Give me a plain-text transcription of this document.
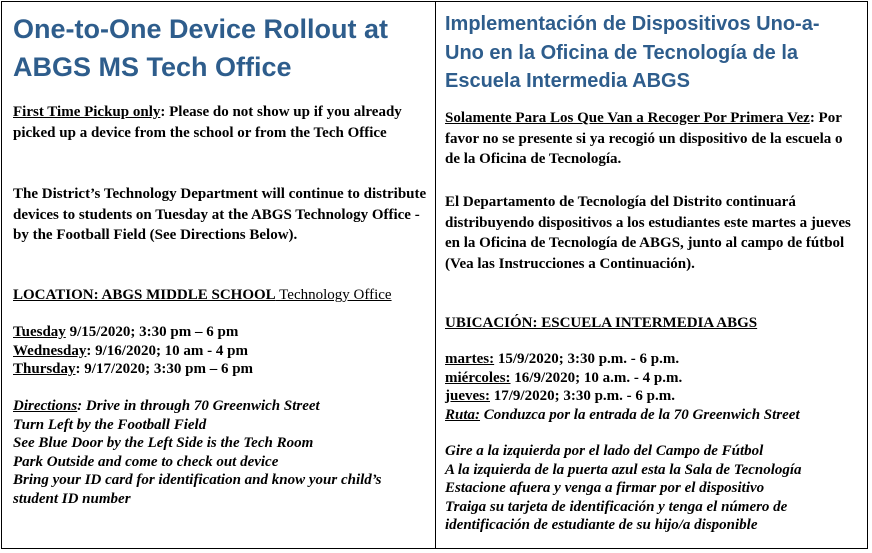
One-to-One Device Rollout at
ABGS MS Tech Office

First Time Pickup only: Please do not show up if you already picked up a device from the school or from the Tech Office

The District’s Technology Department will continue to distribute devices to students on Tuesday at the ABGS Technology Office - by the Football Field (See Directions Below).

LOCATION: ABGS MIDDLE SCHOOL Technology Office

Tuesday 9/15/2020; 3:30 pm – 6 pm
Wednesday: 9/16/2020; 10 am - 4 pm
Thursday: 9/17/2020; 3:30 pm – 6 pm
Directions: Drive in through 70 Greenwich Street
Turn Left by the Football Field
See Blue Door by the Left Side is the Tech Room
Park Outside and come to check out device
Bring your ID card for identification and know your child’s
student ID number
Implementación de Dispositivos Uno-a-
Uno en la Oficina de Tecnología de la
Escuela Intermedia ABGS

Solamente Para Los Que Van a Recoger Por Primera Vez: Por favor no se presente si ya recogió un dispositivo de la escuela o de la Oficina de Tecnología.

El Departamento de Tecnología del Distrito continuará distribuyendo dispositivos a los estudiantes este martes a jueves en la Oficina de Tecnología de ABGS, junto al campo de fútbol (Vea las Instrucciones a Continuación).

UBICACIÓN: ESCUELA INTERMEDIA ABGS

martes: 15/9/2020; 3:30 p.m. - 6 p.m.
miércoles: 16/9/2020; 10 a.m. - 4 p.m.
jueves: 17/9/2020; 3:30 p.m. - 6 p.m.
Ruta: Conduzca por la entrada de la 70 Greenwich Street
Gire a la izquierda por el lado del Campo de Fútbol
A la izquierda de la puerta azul esta la Sala de Tecnología
Estacione afuera y venga a firmar por el dispositivo
Traiga su tarjeta de identificación y tenga el número de
identificación de estudiante de su hijo/a disponible
